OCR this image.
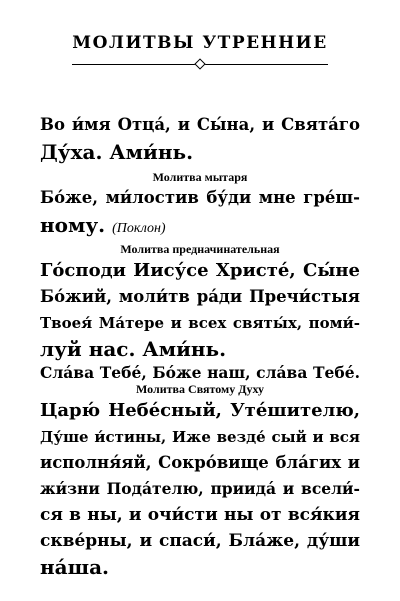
МОЛИТВЫ УТРЕННИЕ
Во и́мя Отца́, и Сы́на, и Свята́го
Ду́ха. Ами́нь.
Молитва мытаря
Бо́же, ми́лостив бу́ди мне гре́ш-
ному. (Поклон)
Молитва предначинательная
Го́споди Иису́се Христе́, Сы́не
Бо́жий, моли́тв ра́ди Пречи́стыя
Твоея́ Ма́тере и всех святы́х, поми́-
луй нас. Ами́нь.
Сла́ва Тебе́, Бо́же наш, сла́ва Тебе́.
Молитва Святому Духу
Царю́ Небе́сный, Уте́шителю,
Ду́ше и́стины, Иже везде́ сый и вся
исполня́яй, Сокро́вище бла́гих и
жи́зни Пода́телю, приида́ и всели́-
ся в ны, и очи́сти ны от вся́кия
скве́рны, и спаси́, Бла́же, ду́ши
на́ша.
